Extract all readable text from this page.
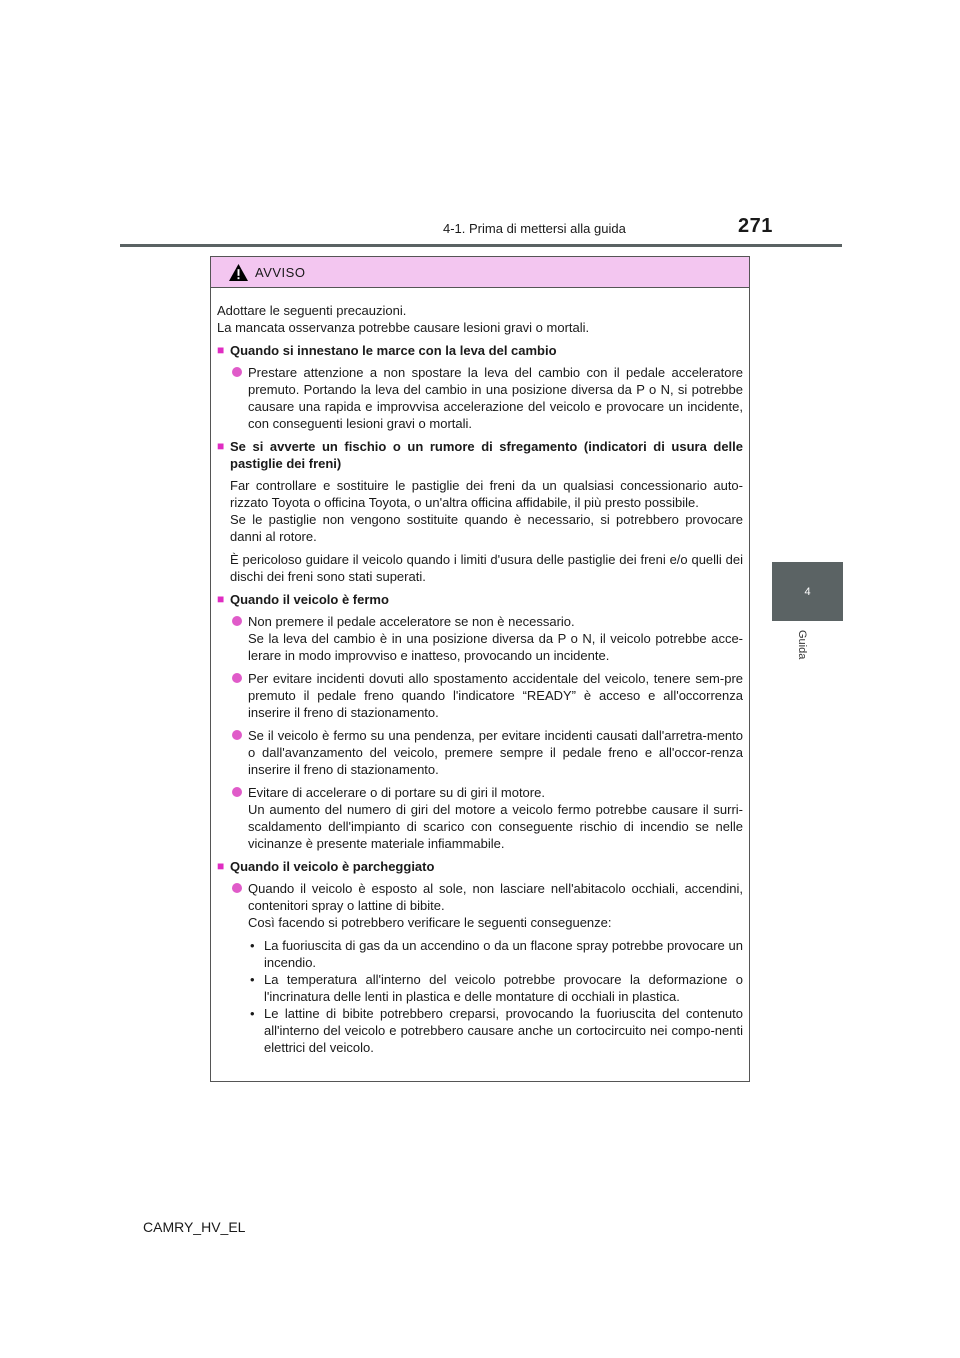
271
4-1. Prima di mettersi alla guida
4
Guida
AVVISO
Adottare le seguenti precauzioni.
La mancata osservanza potrebbe causare lesioni gravi o mortali.
■ Quando si innestano le marce con la leva del cambio
Prestare attenzione a non spostare la leva del cambio con il pedale acceleratore premuto. Portando la leva del cambio in una posizione diversa da P o N, si potrebbe causare una rapida e improvvisa accelerazione del veicolo e provocare un incidente, con conseguenti lesioni gravi o mortali.
■ Se si avverte un fischio o un rumore di sfregamento (indicatori di usura delle pastiglie dei freni)
Far controllare e sostituire le pastiglie dei freni da un qualsiasi concessionario auto-rizzato Toyota o officina Toyota, o un'altra officina affidabile, il più presto possibile.
Se le pastiglie non vengono sostituite quando è necessario, si potrebbero provocare danni al rotore.
È pericoloso guidare il veicolo quando i limiti d'usura delle pastiglie dei freni e/o quelli dei dischi dei freni sono stati superati.
■ Quando il veicolo è fermo
Non premere il pedale acceleratore se non è necessario.
Se la leva del cambio è in una posizione diversa da P o N, il veicolo potrebbe acce-lerare in modo improvviso e inatteso, provocando un incidente.
Per evitare incidenti dovuti allo spostamento accidentale del veicolo, tenere sem-pre premuto il pedale freno quando l'indicatore “READY” è acceso e all'occorrenza inserire il freno di stazionamento.
Se il veicolo è fermo su una pendenza, per evitare incidenti causati dall'arretra-mento o dall'avanzamento del veicolo, premere sempre il pedale freno e all'occor-renza inserire il freno di stazionamento.
Evitare di accelerare o di portare su di giri il motore.
Un aumento del numero di giri del motore a veicolo fermo potrebbe causare il surri-scaldamento dell'impianto di scarico con conseguente rischio di incendio se nelle vicinanze è presente materiale infiammabile.
■ Quando il veicolo è parcheggiato
Quando il veicolo è esposto al sole, non lasciare nell'abitacolo occhiali, accendini, contenitori spray o lattine di bibite.
Così facendo si potrebbero verificare le seguenti conseguenze:
• La fuoriuscita di gas da un accendino o da un flacone spray potrebbe provocare un incendio.
• La temperatura all'interno del veicolo potrebbe provocare la deformazione o l'incrinatura delle lenti in plastica e delle montature di occhiali in plastica.
• Le lattine di bibite potrebbero creparsi, provocando la fuoriuscita del contenuto all'interno del veicolo e potrebbero causare anche un cortocircuito nei compo-nenti elettrici del veicolo.
CAMRY_HV_EL
